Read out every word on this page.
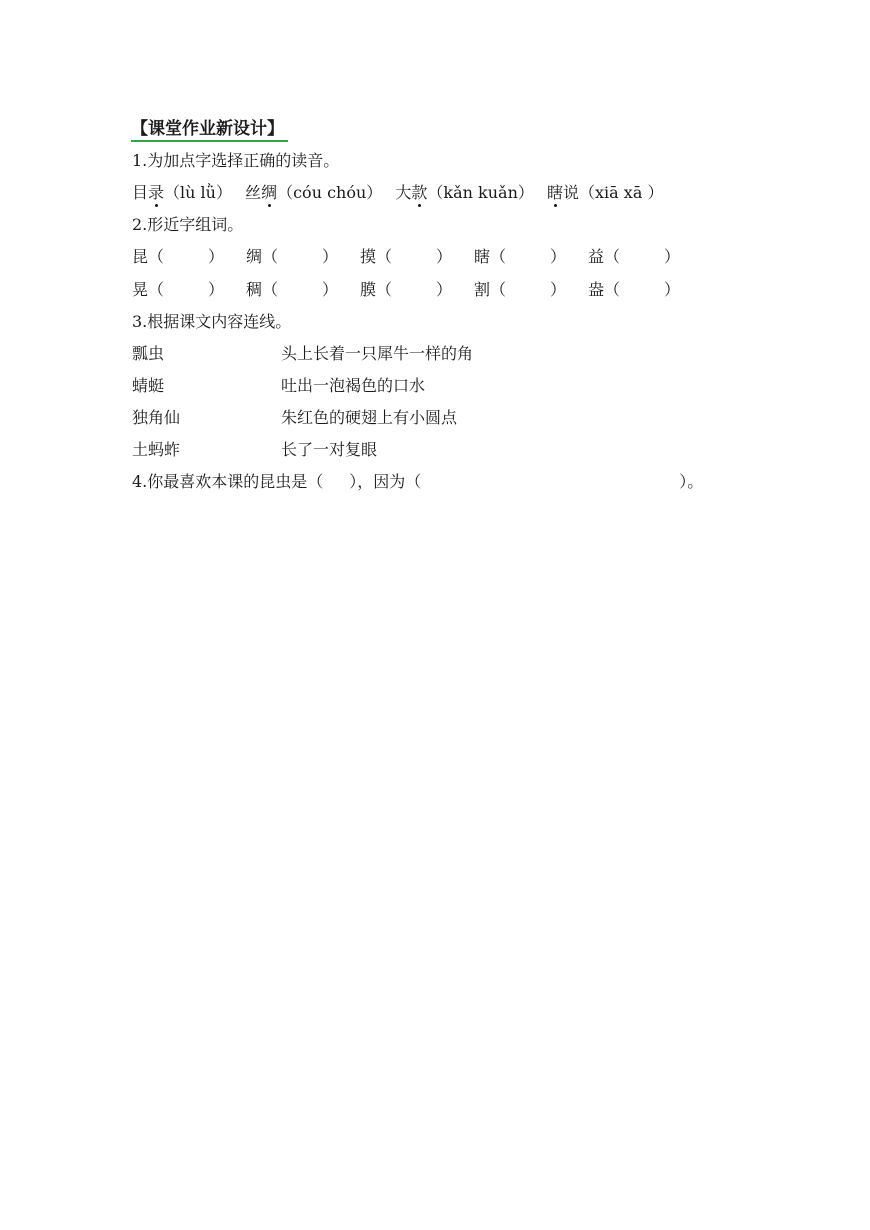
【课堂作业新设计】
1.为加点字选择正确的读音。
目录（lù lǜ） 丝绸（cóu chóu） 大款（kǎn kuǎn） 瞎说（xiā xā ）
2.形近字组词。
昆（	） 绸（	） 摸（	） 瞎（	） 益（	）
晃（	） 稠（	） 膜（	） 割（	） 盎（	）
3.根据课文内容连线。
瓢虫	头上长着一只犀牛一样的角
蜻蜓	吐出一泡褐色的口水
独角仙	朱红色的硬翅上有小圆点
土蚂蚱	长了一对复眼
4.你最喜欢本课的昆虫是（ ），因为（	）。
